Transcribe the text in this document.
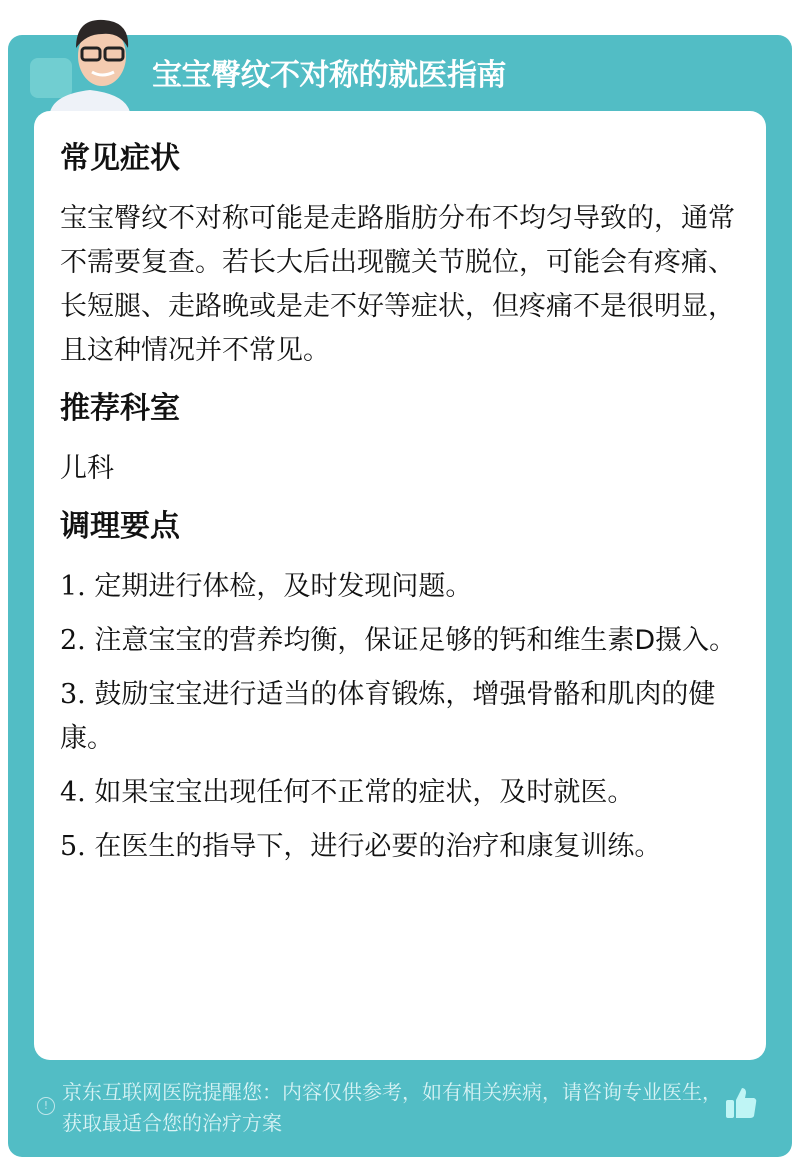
宝宝臀纹不对称的就医指南
常见症状

宝宝臀纹不对称可能是走路脂肪分布不均匀导致的，通常不需要复查。若长大后出现髋关节脱位，可能会有疼痛、长短腿、走路晚或是走不好等症状，但疼痛不是很明显，且这种情况并不常见。

推荐科室

儿科

调理要点
1. 定期进行体检，及时发现问题。
2. 注意宝宝的营养均衡，保证足够的钙和维生素D摄入。
3. 鼓励宝宝进行适当的体育锻炼，增强骨骼和肌肉的健康。
4. 如果宝宝出现任何不正常的症状，及时就医。
5. 在医生的指导下，进行必要的治疗和康复训练。
!
京东互联网医院提醒您：内容仅供参考，如有相关疾病，请咨询专业医生，获取最适合您的治疗方案
